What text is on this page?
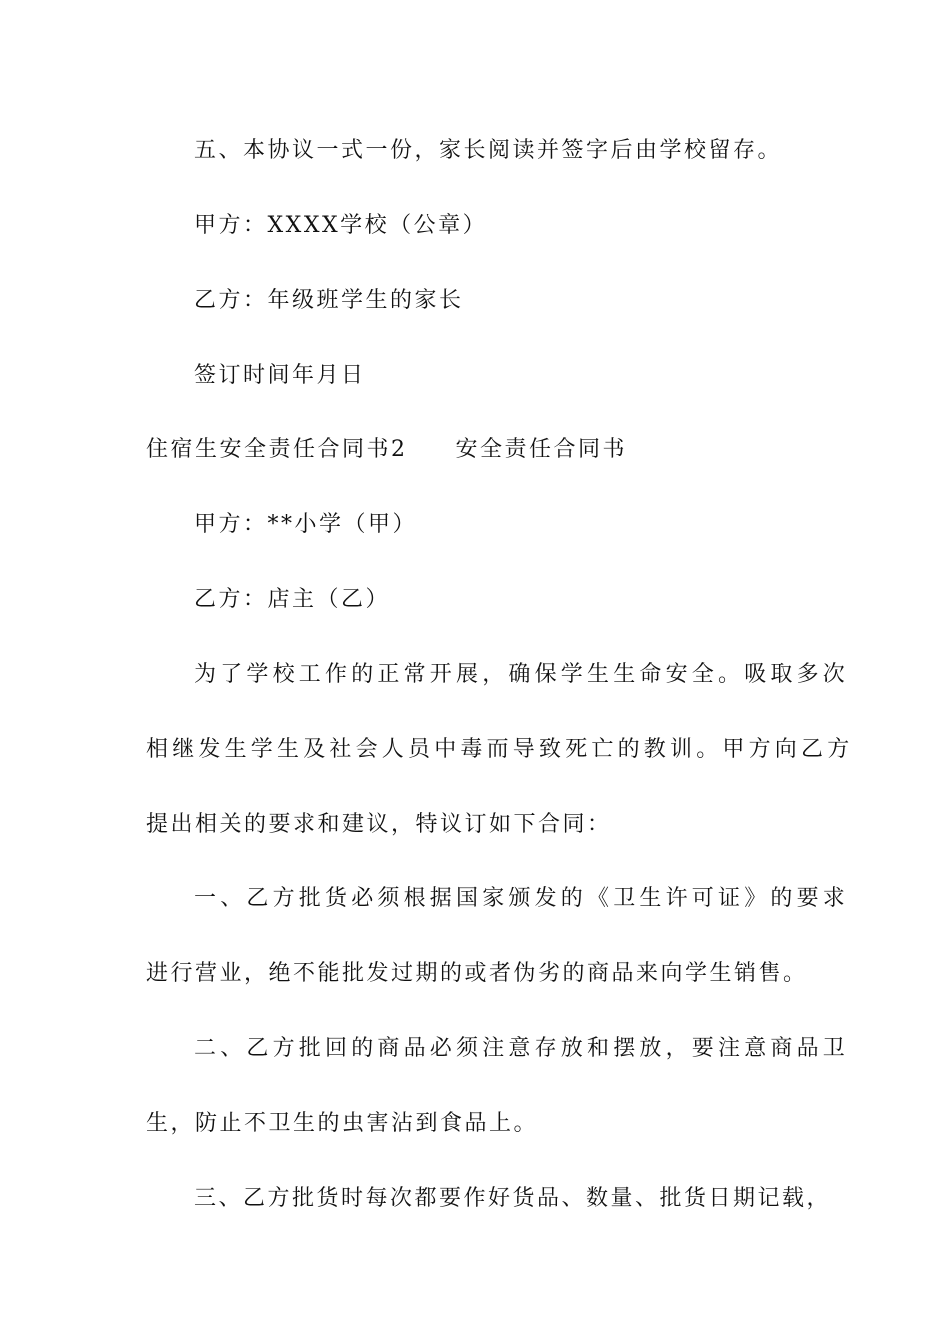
五、本协议一式一份，家长阅读并签字后由学校留存。
甲方：XXXX学校（公章）
乙方：年级班学生的家长
签订时间年月日
住宿生安全责任合同书2 安全责任合同书
甲方：**小学（甲）
乙方：店主（乙）
为了学校工作的正常开展，确保学生生命安全。吸取多次
相继发生学生及社会人员中毒而导致死亡的教训。甲方向乙方
提出相关的要求和建议，特议订如下合同：
一、乙方批货必须根据国家颁发的《卫生许可证》的要求
进行营业，绝不能批发过期的或者伪劣的商品来向学生销售。
二、乙方批回的商品必须注意存放和摆放，要注意商品卫
生，防止不卫生的虫害沾到食品上。
三、乙方批货时每次都要作好货品、数量、批货日期记载，
